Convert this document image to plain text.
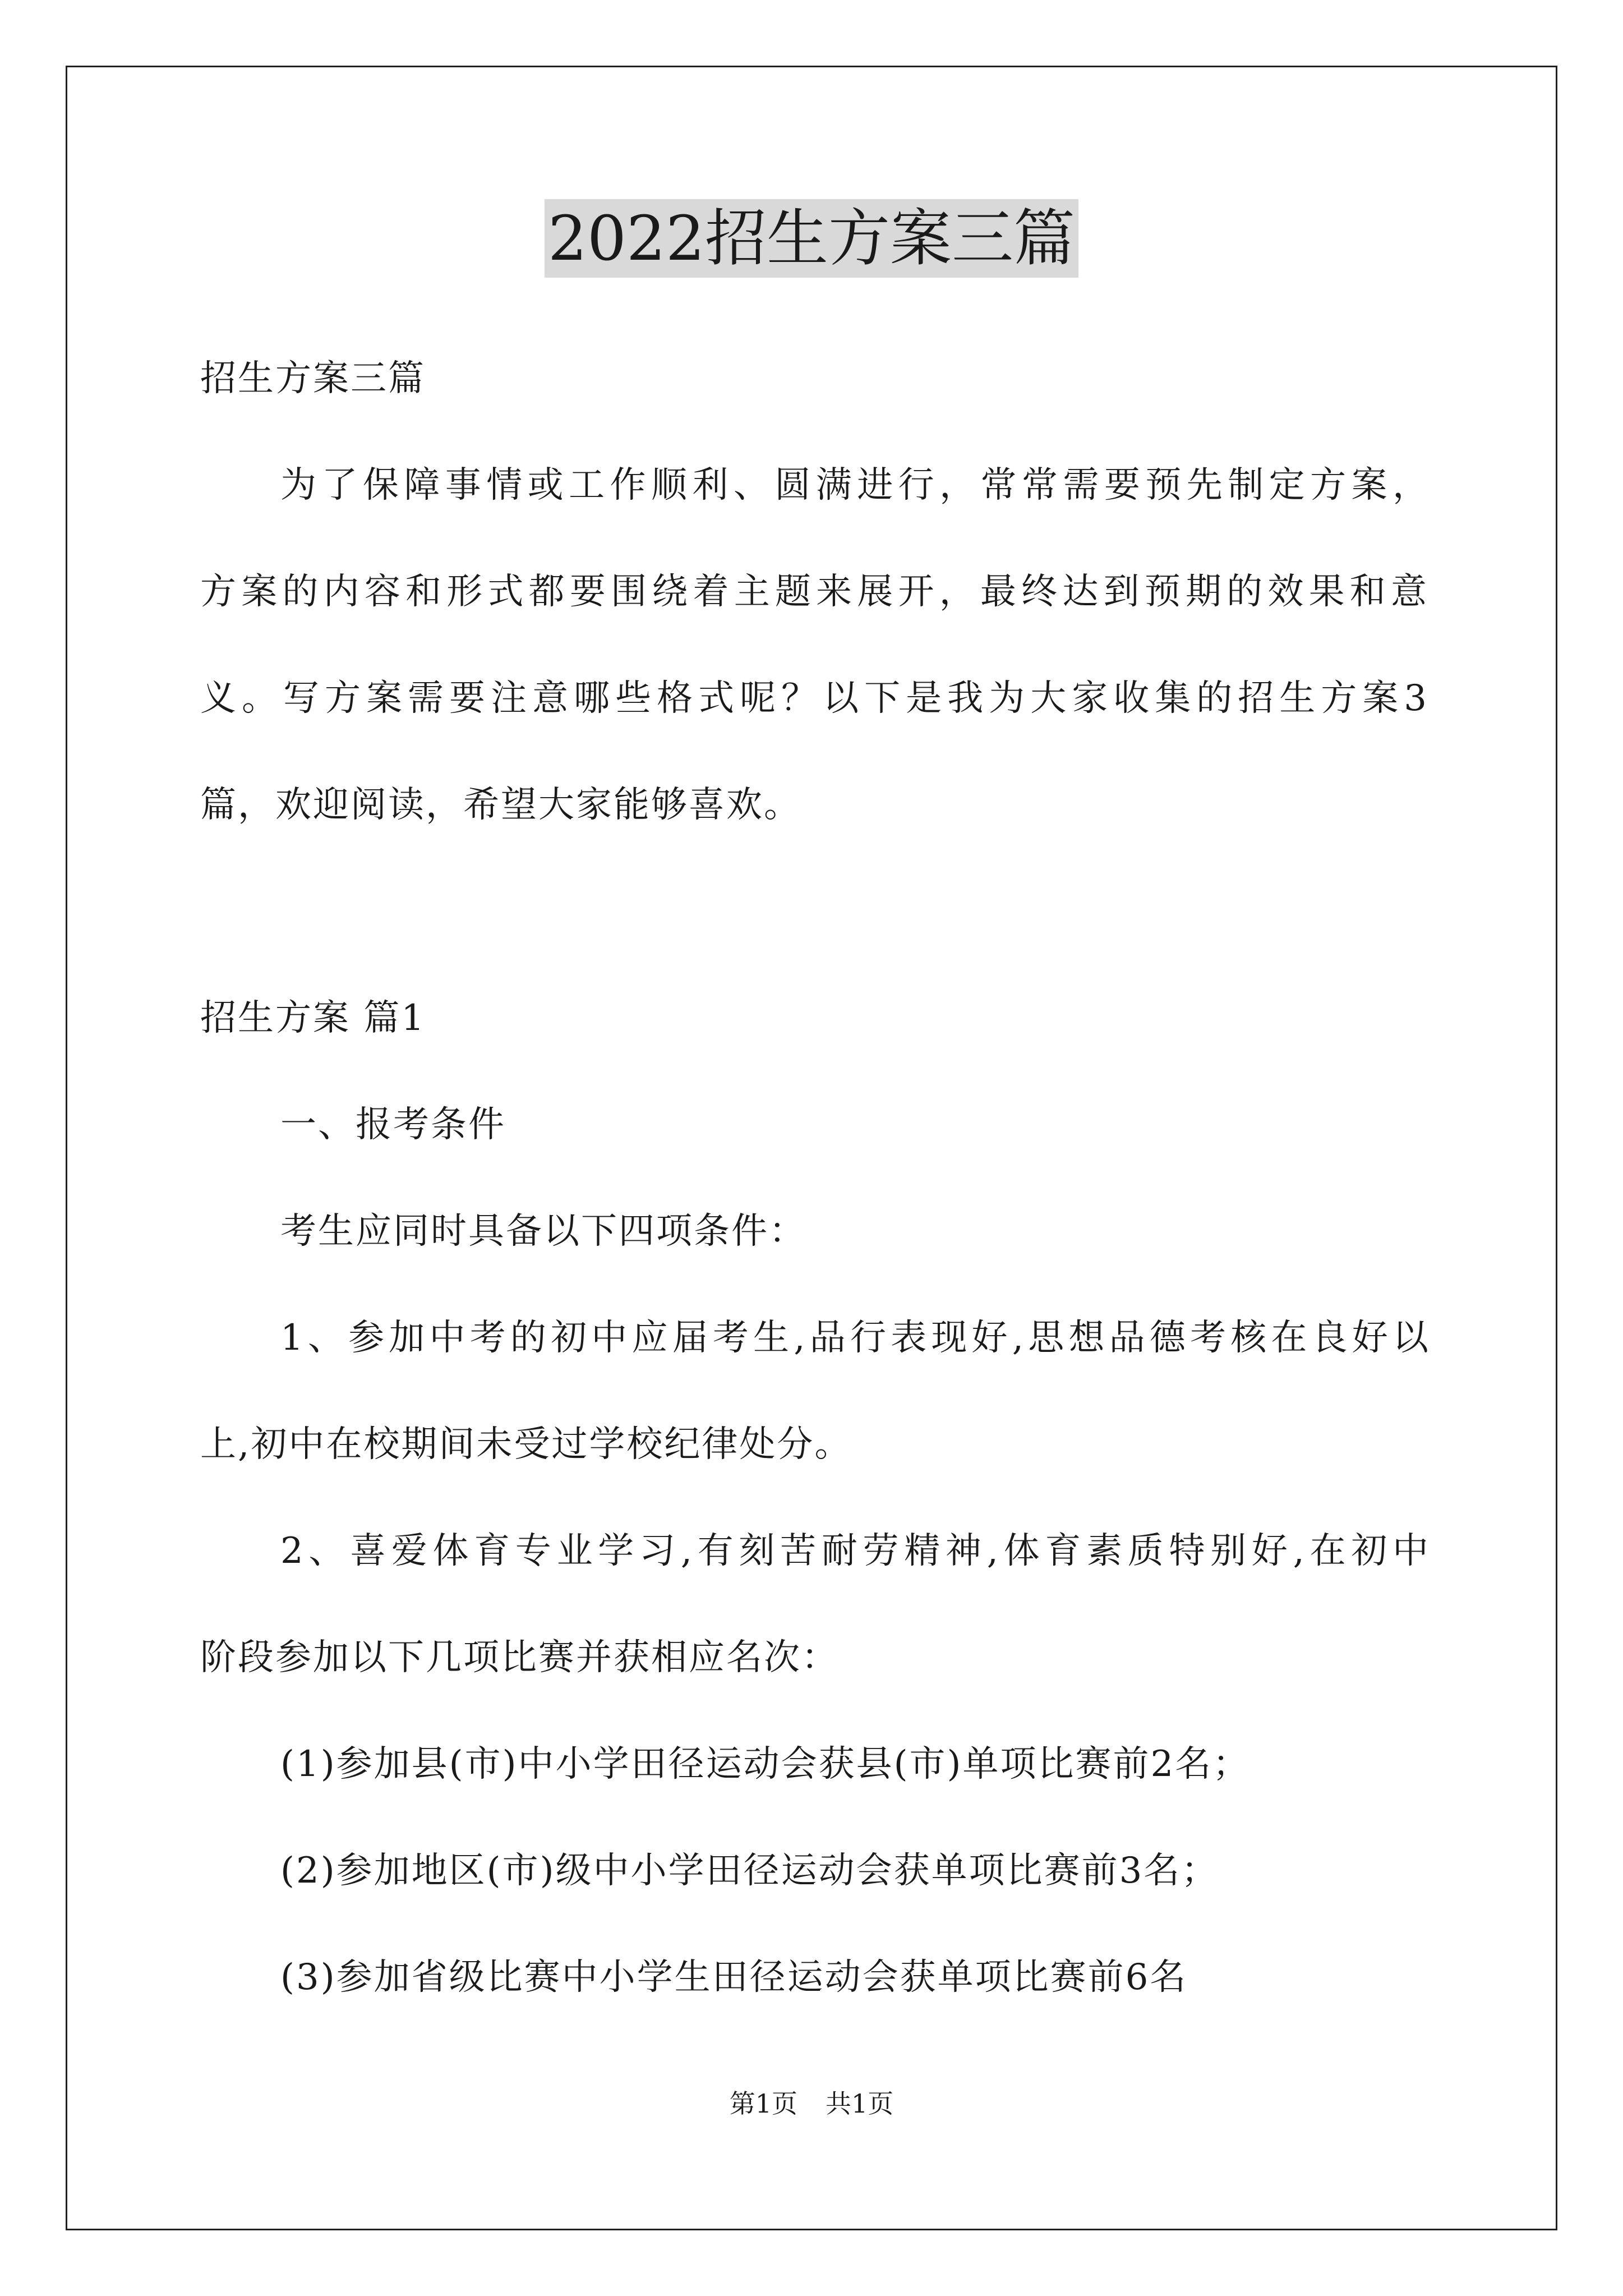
2022招生方案三篇
招生方案三篇
为了保障事情或工作顺利、圆满进行，常常需要预先制定方案，
方案的内容和形式都要围绕着主题来展开，最终达到预期的效果和意
义。写方案需要注意哪些格式呢？以下是我为大家收集的招生方案3
篇，欢迎阅读，希望大家能够喜欢。
招生方案 篇1
一、报考条件
考生应同时具备以下四项条件：
1、参加中考的初中应届考生,品行表现好,思想品德考核在良好以
上,初中在校期间未受过学校纪律处分。
2、喜爱体育专业学习,有刻苦耐劳精神,体育素质特别好,在初中
阶段参加以下几项比赛并获相应名次：
(1)参加县(市)中小学田径运动会获县(市)单项比赛前2名；
(2)参加地区(市)级中小学田径运动会获单项比赛前3名；
(3)参加省级比赛中小学生田径运动会获单项比赛前6名
第1页 共1页
